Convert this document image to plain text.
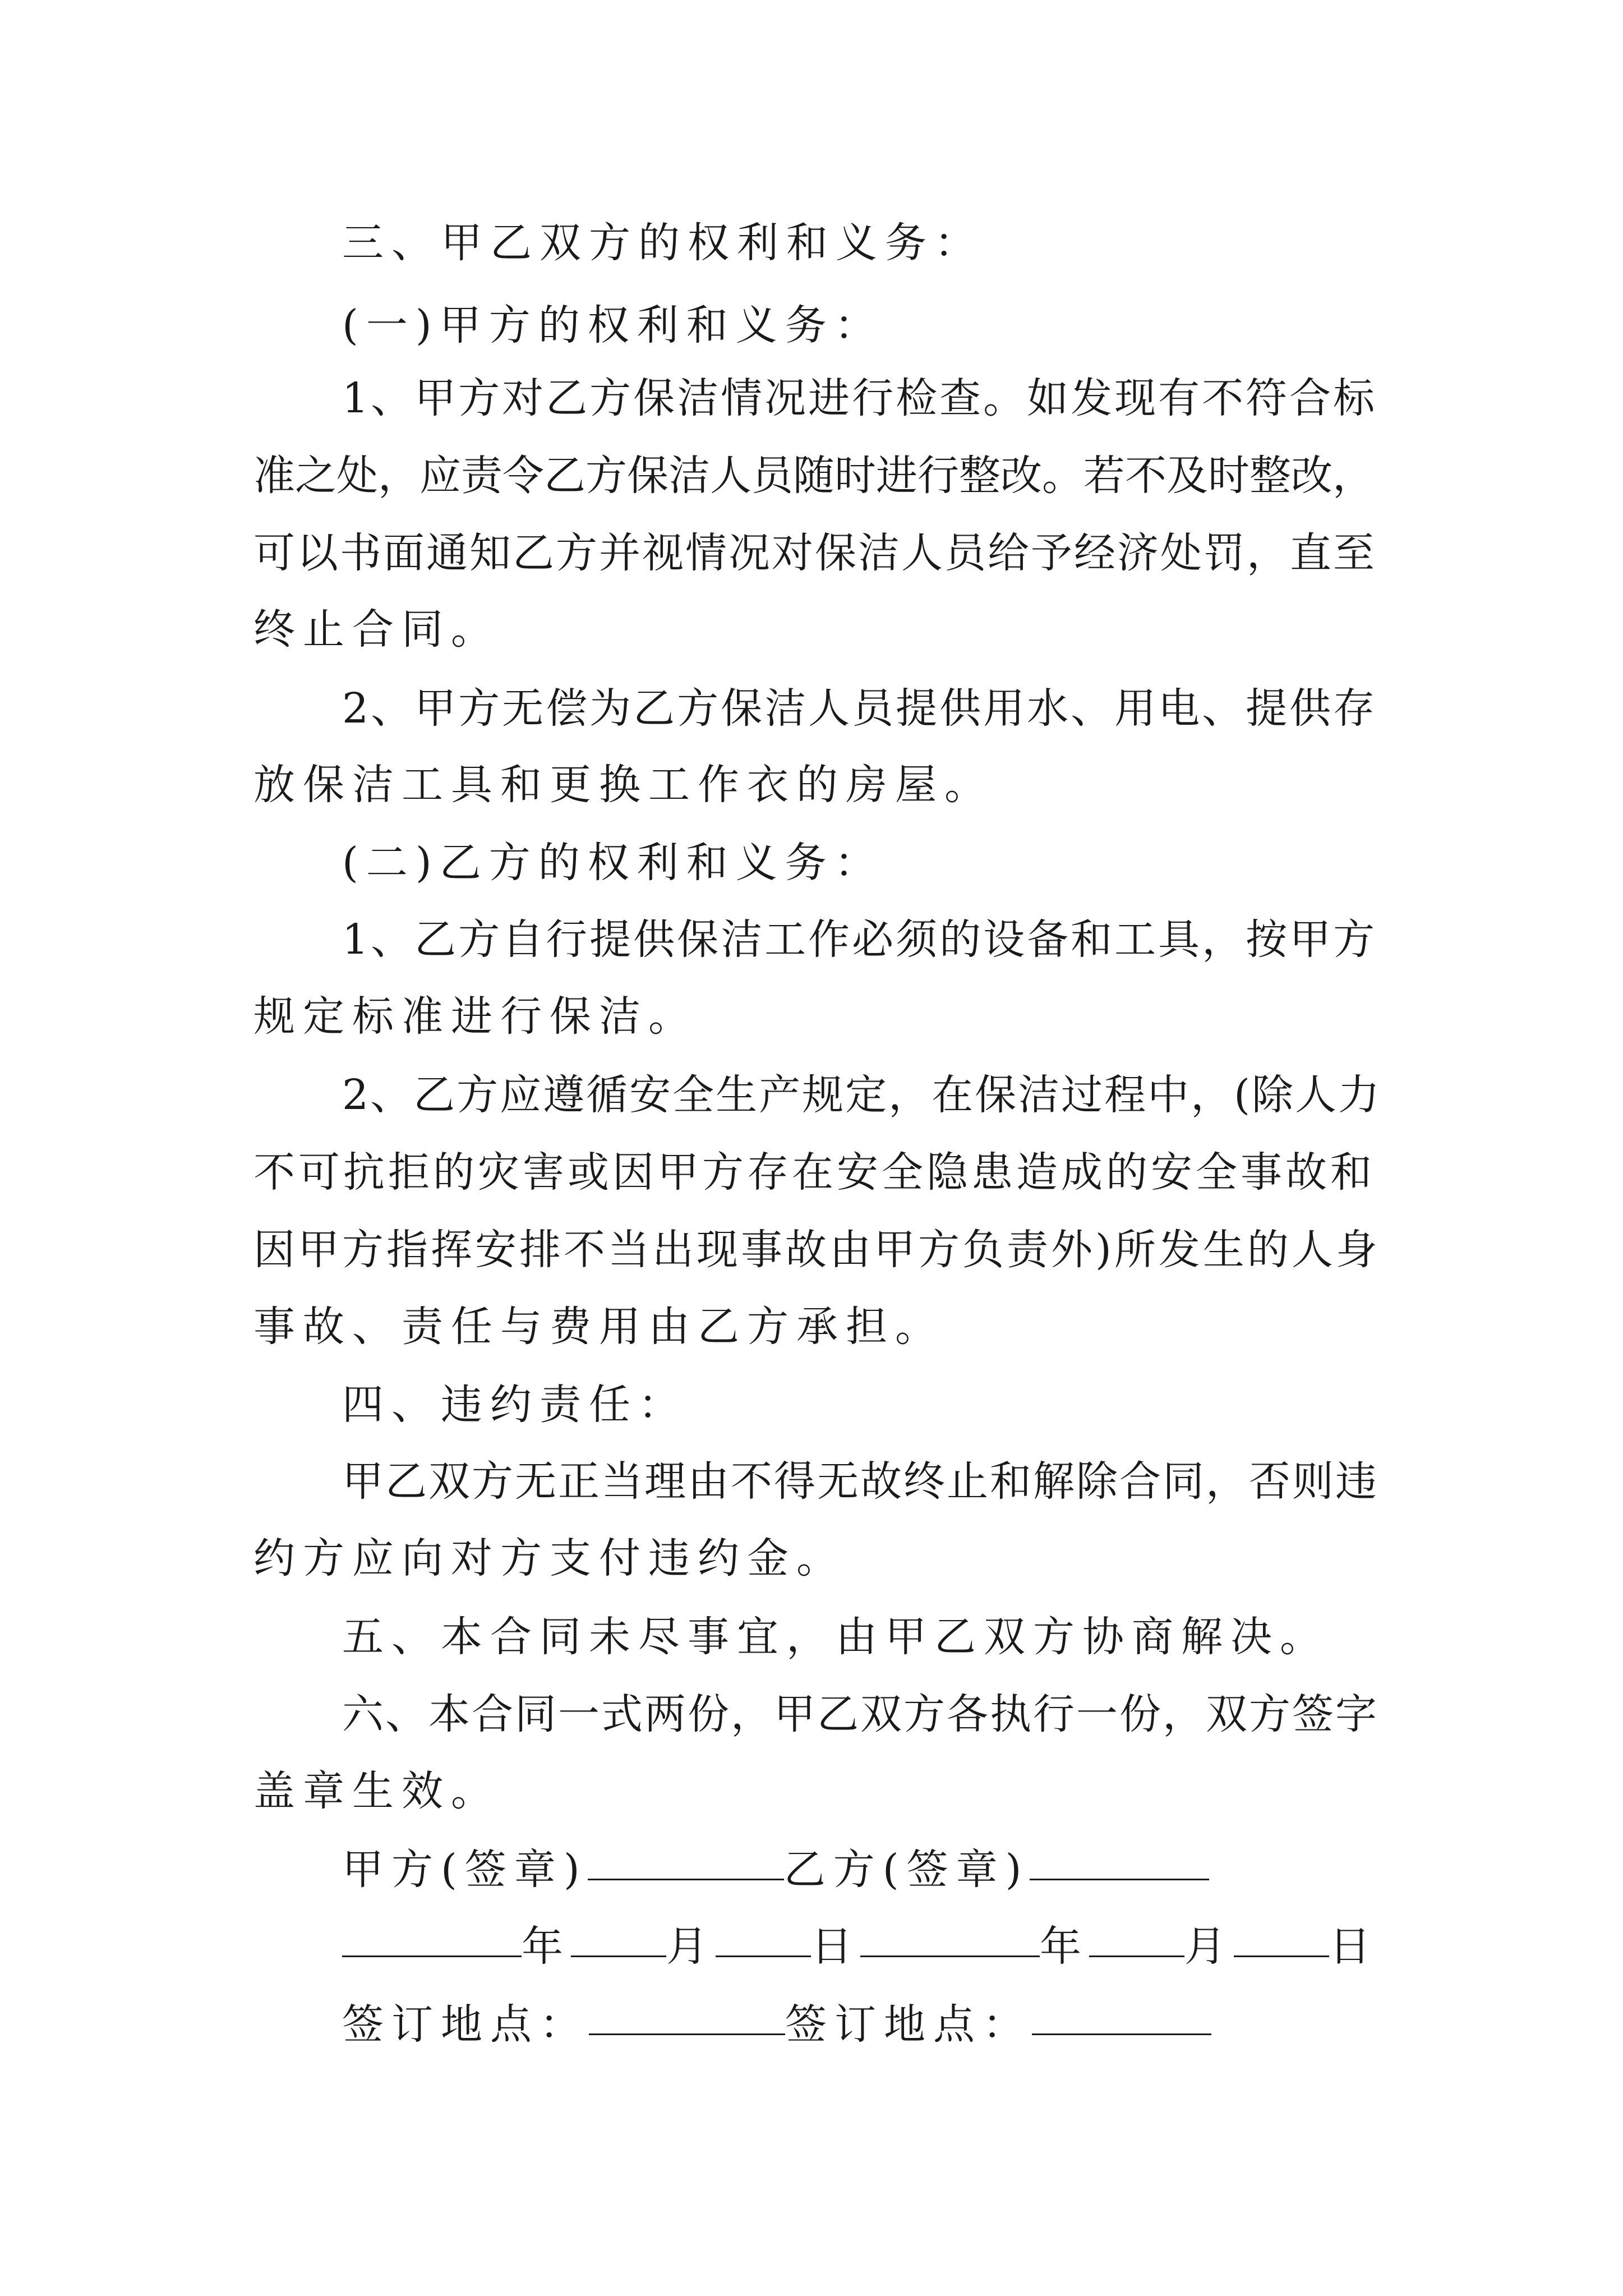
三、甲乙双方的权利和义务：
(一)甲方的权利和义务：
1、甲方对乙方保洁情况进行检查。如发现有不符合标
准之处，应责令乙方保洁人员随时进行整改。若不及时整改，
可以书面通知乙方并视情况对保洁人员给予经济处罚，直至
终止合同。
2、甲方无偿为乙方保洁人员提供用水、用电、提供存
放保洁工具和更换工作衣的房屋。
(二)乙方的权利和义务：
1、乙方自行提供保洁工作必须的设备和工具，按甲方
规定标准进行保洁。
2、乙方应遵循安全生产规定，在保洁过程中，(除人力
不可抗拒的灾害或因甲方存在安全隐患造成的安全事故和
因甲方指挥安排不当出现事故由甲方负责外)所发生的人身
事故、责任与费用由乙方承担。
四、违约责任：
甲乙双方无正当理由不得无故终止和解除合同，否则违
约方应向对方支付违约金。
五、本合同未尽事宜，由甲乙双方协商解决。
六、本合同一式两份，甲乙双方各执行一份，双方签字
盖章生效。
甲方(签章)	乙方(签章)
年 月 日	年 月 日
签订地点：	签订地点：
